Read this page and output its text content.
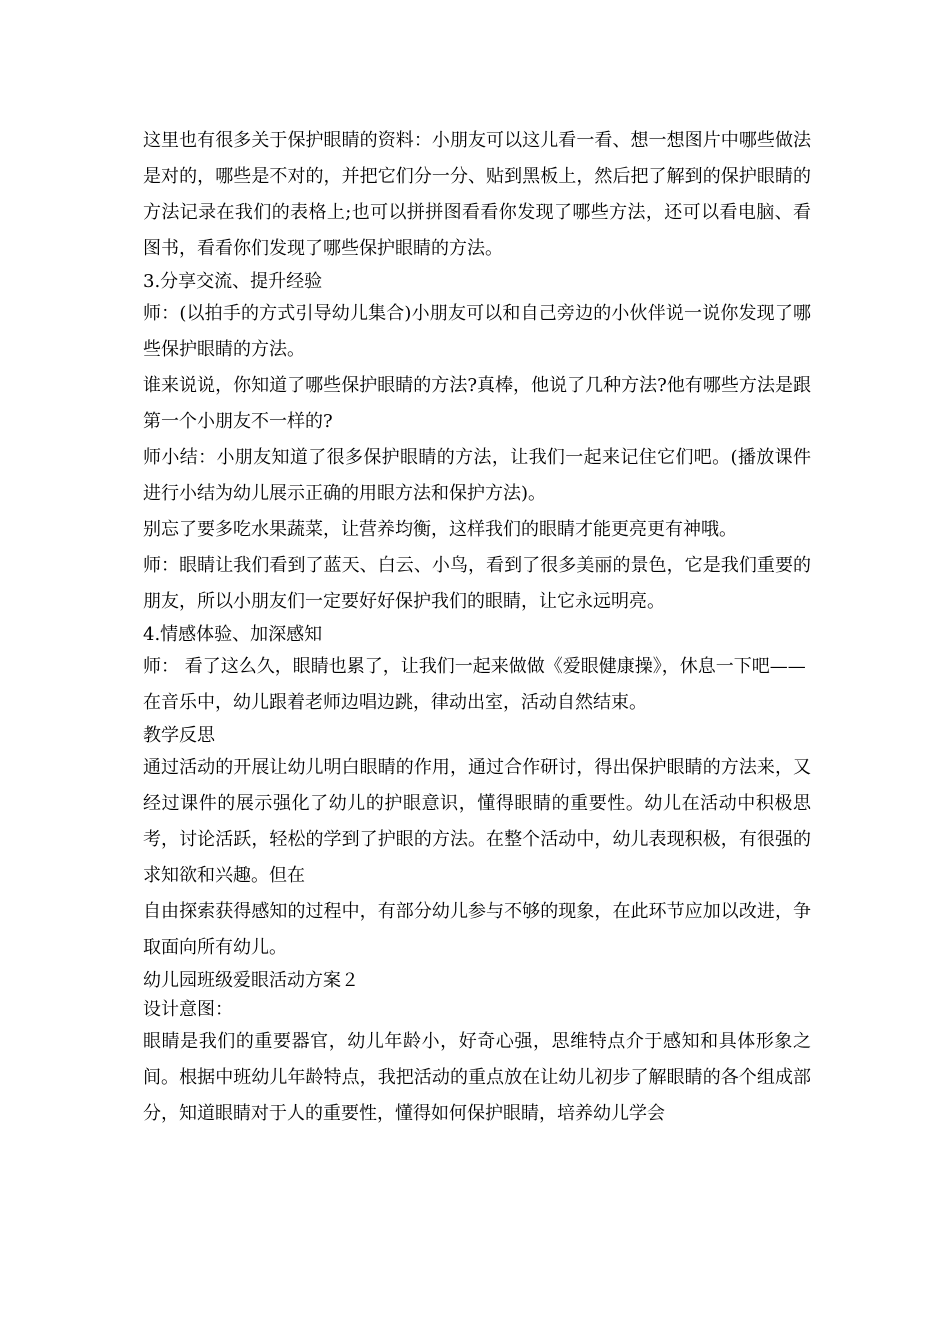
这里也有很多关于保护眼睛的资料：小朋友可以这儿看一看、想一想图片中哪些做法是对的，哪些是不对的，并把它们分一分、贴到黑板上，然后把了解到的保护眼睛的方法记录在我们的表格上;也可以拼拼图看看你发现了哪些方法，还可以看电脑、看图书，看看你们发现了哪些保护眼睛的方法。

3.分享交流、提升经验

师：(以拍手的方式引导幼儿集合)小朋友可以和自己旁边的小伙伴说一说你发现了哪些保护眼睛的方法。

谁来说说，你知道了哪些保护眼睛的方法?真棒，他说了几种方法?他有哪些方法是跟第一个小朋友不一样的?

师小结：小朋友知道了很多保护眼睛的方法，让我们一起来记住它们吧。(播放课件进行小结为幼儿展示正确的用眼方法和保护方法)。

别忘了要多吃水果蔬菜，让营养均衡，这样我们的眼睛才能更亮更有神哦。

师：眼睛让我们看到了蓝天、白云、小鸟，看到了很多美丽的景色，它是我们重要的朋友，所以小朋友们一定要好好保护我们的眼睛，让它永远明亮。

4.情感体验、加深感知

师： 看了这么久，眼睛也累了，让我们一起来做做《爱眼健康操》，休息一下吧——

在音乐中，幼儿跟着老师边唱边跳，律动出室，活动自然结束。

教学反思

通过活动的开展让幼儿明白眼睛的作用，通过合作研讨，得出保护眼睛的方法来，又经过课件的展示强化了幼儿的护眼意识，懂得眼睛的重要性。幼儿在活动中积极思考，讨论活跃，轻松的学到了护眼的方法。在整个活动中，幼儿表现积极，有很强的求知欲和兴趣。但在

自由探索获得感知的过程中，有部分幼儿参与不够的现象，在此环节应加以改进，争取面向所有幼儿。

幼儿园班级爱眼活动方案２

设计意图：

眼睛是我们的重要器官，幼儿年龄小，好奇心强，思维特点介于感知和具体形象之间。根据中班幼儿年龄特点，我把活动的重点放在让幼儿初步了解眼睛的各个组成部分，知道眼睛对于人的重要性，懂得如何保护眼睛，培养幼儿学会
